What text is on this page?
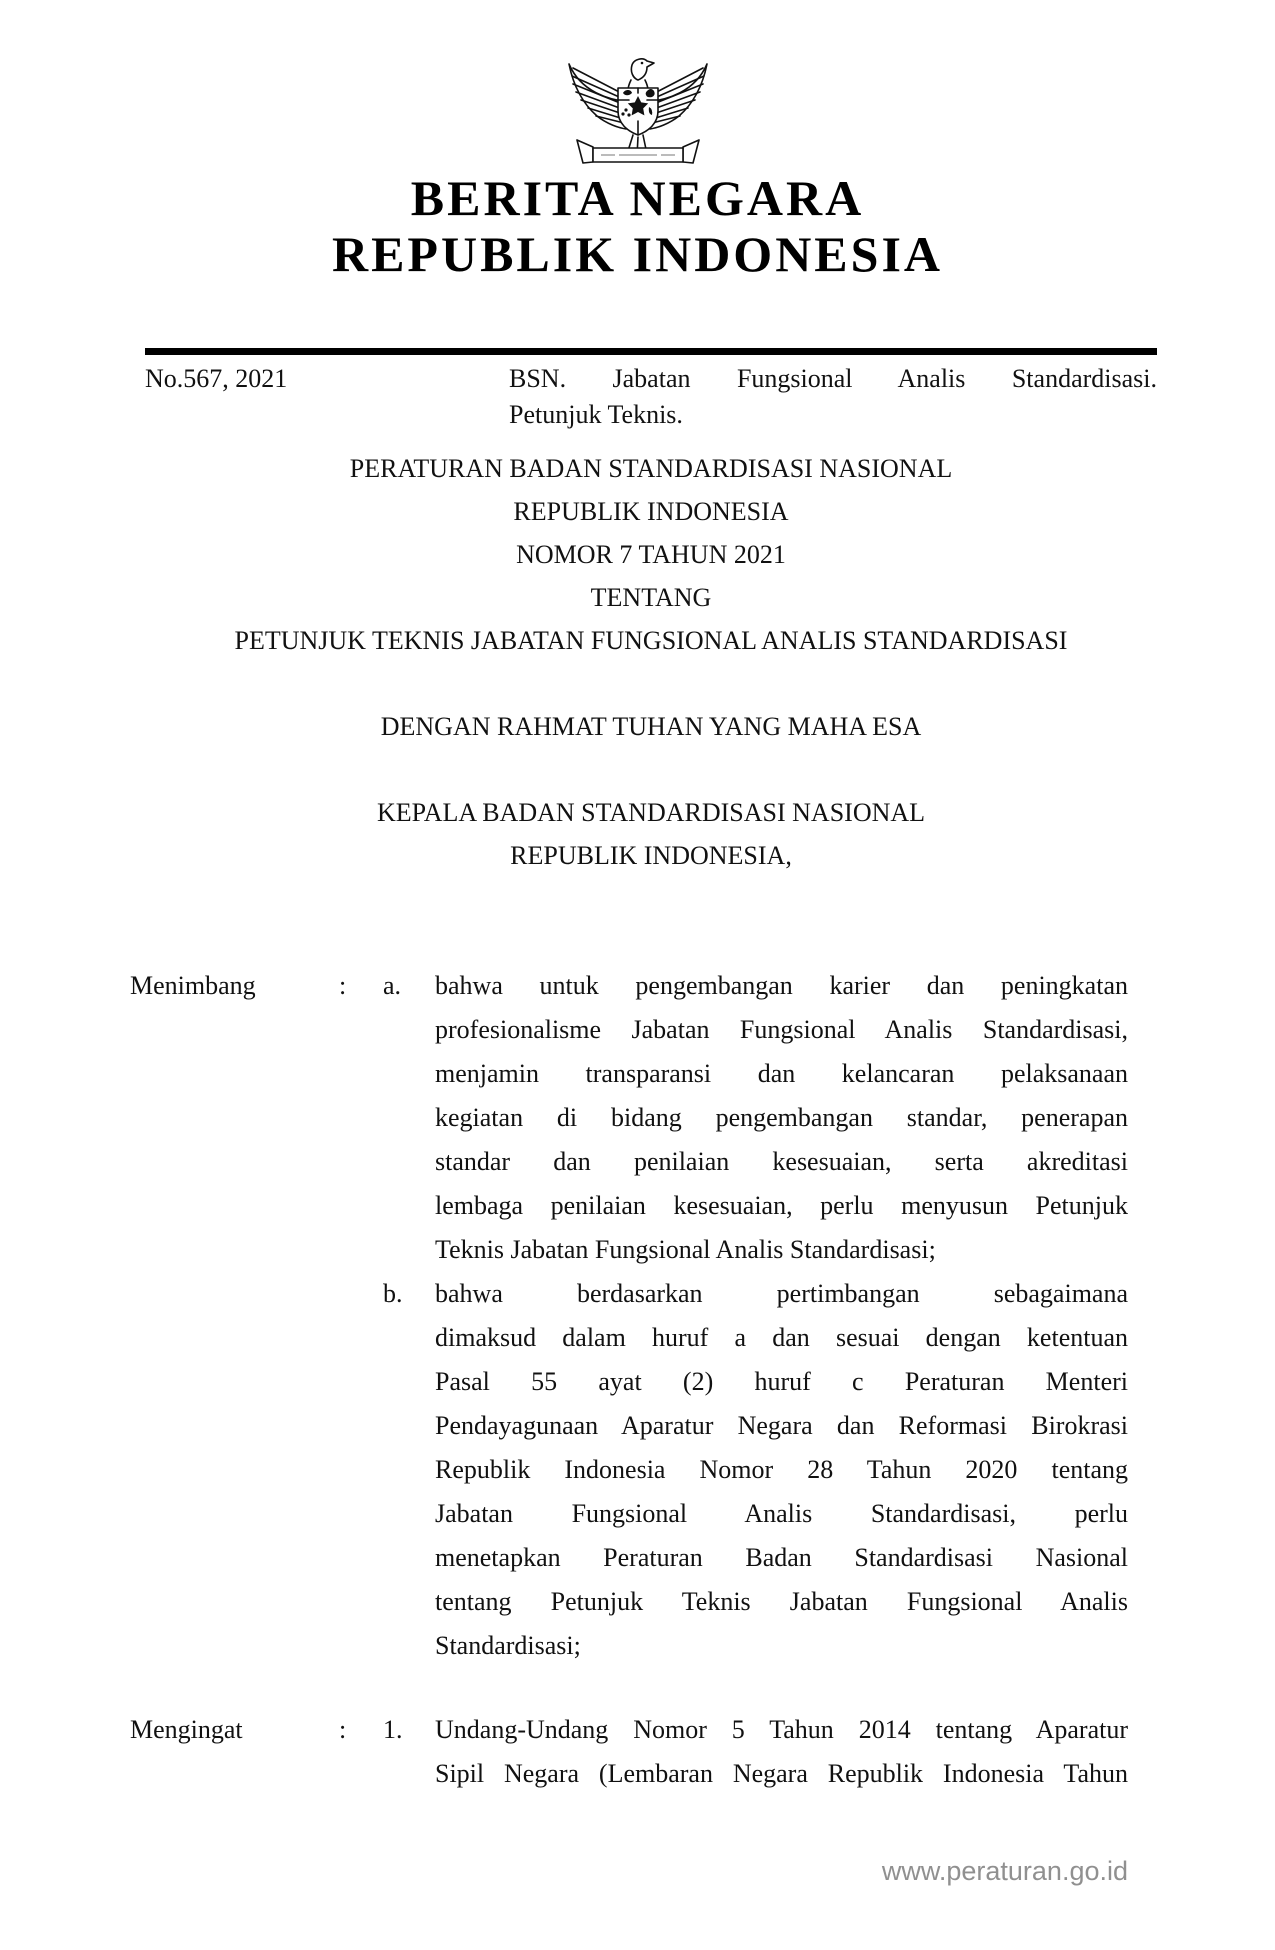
BERITA NEGARA
REPUBLIK INDONESIA
No.567, 2021	BSN. Jabatan Fungsional Analis Standardisasi.
Petunjuk Teknis.
PERATURAN BADAN STANDARDISASI NASIONAL
REPUBLIK INDONESIA
NOMOR 7 TAHUN 2021
TENTANG
PETUNJUK TEKNIS JABATAN FUNGSIONAL ANALIS STANDARDISASI
DENGAN RAHMAT TUHAN YANG MAHA ESA
KEPALA BADAN STANDARDISASI NASIONAL
REPUBLIK INDONESIA,
Menimbang	:	a.	bahwa untuk pengembangan karier dan peningkatan
profesionalisme Jabatan Fungsional Analis Standardisasi,
menjamin transparansi dan kelancaran pelaksanaan
kegiatan di bidang pengembangan standar, penerapan
standar dan penilaian kesesuaian, serta akreditasi
lembaga penilaian kesesuaian, perlu menyusun Petunjuk
Teknis Jabatan Fungsional Analis Standardisasi;
b.	bahwa berdasarkan pertimbangan sebagaimana
dimaksud dalam huruf a dan sesuai dengan ketentuan
Pasal 55 ayat (2) huruf c Peraturan Menteri
Pendayagunaan Aparatur Negara dan Reformasi Birokrasi
Republik Indonesia Nomor 28 Tahun 2020 tentang
Jabatan Fungsional Analis Standardisasi, perlu
menetapkan Peraturan Badan Standardisasi Nasional
tentang Petunjuk Teknis Jabatan Fungsional Analis
Standardisasi;
Mengingat	:	1.	Undang-Undang Nomor 5 Tahun 2014 tentang Aparatur
Sipil Negara (Lembaran Negara Republik Indonesia Tahun
www.peraturan.go.id
